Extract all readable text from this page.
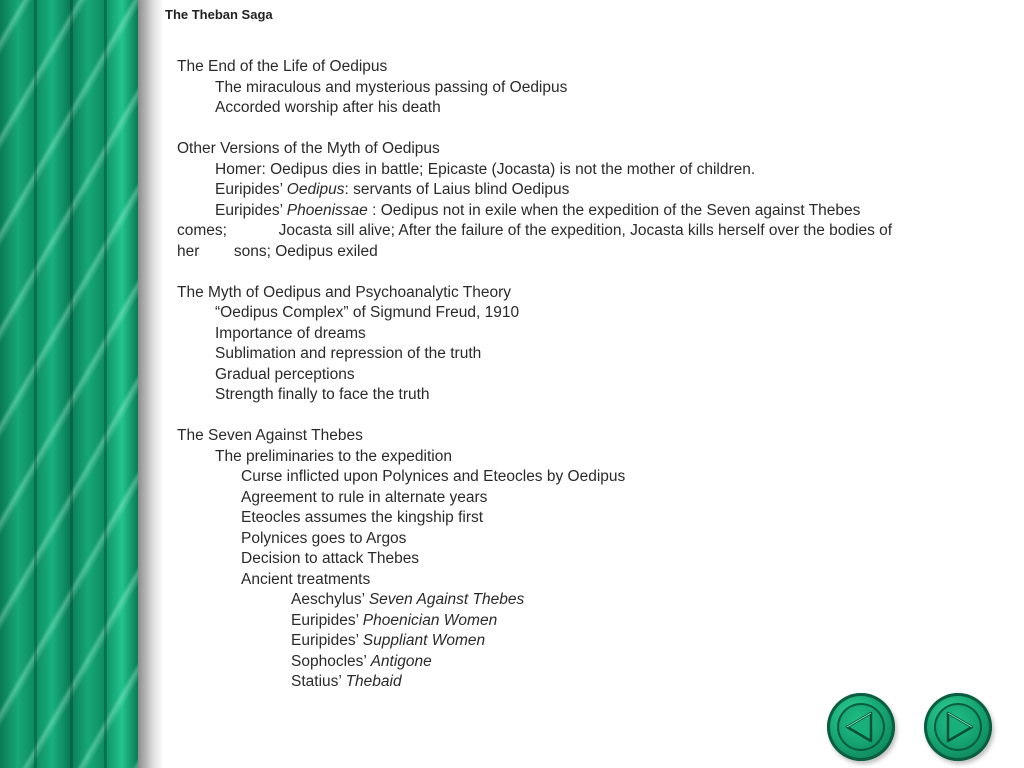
The Theban Saga
The End of the Life of Oedipus
The miraculous and mysterious passing of Oedipus
Accorded worship after his death
Other Versions of the Myth of Oedipus
Homer: Oedipus dies in battle; Epicaste (Jocasta) is not the mother of children.
Euripides’ Oedipus: servants of Laius blind Oedipus
Euripides’ Phoenissae : Oedipus not in exile when the expedition of the Seven against Thebes
comes;            Jocasta sill alive; After the failure of the expedition, Jocasta kills herself over the bodies of
her        sons; Oedipus exiled
The Myth of Oedipus and Psychoanalytic Theory
“Oedipus Complex” of Sigmund Freud, 1910
Importance of dreams
Sublimation and repression of the truth
Gradual perceptions
Strength finally to face the truth
The Seven Against Thebes
The preliminaries to the expedition
Curse inflicted upon Polynices and Eteocles by Oedipus
Agreement to rule in alternate years
Eteocles assumes the kingship first
Polynices goes to Argos
Decision to attack Thebes
Ancient treatments
Aeschylus’ Seven Against Thebes
Euripides’ Phoenician Women
Euripides’ Suppliant Women
Sophocles’ Antigone
Statius’ Thebaid
